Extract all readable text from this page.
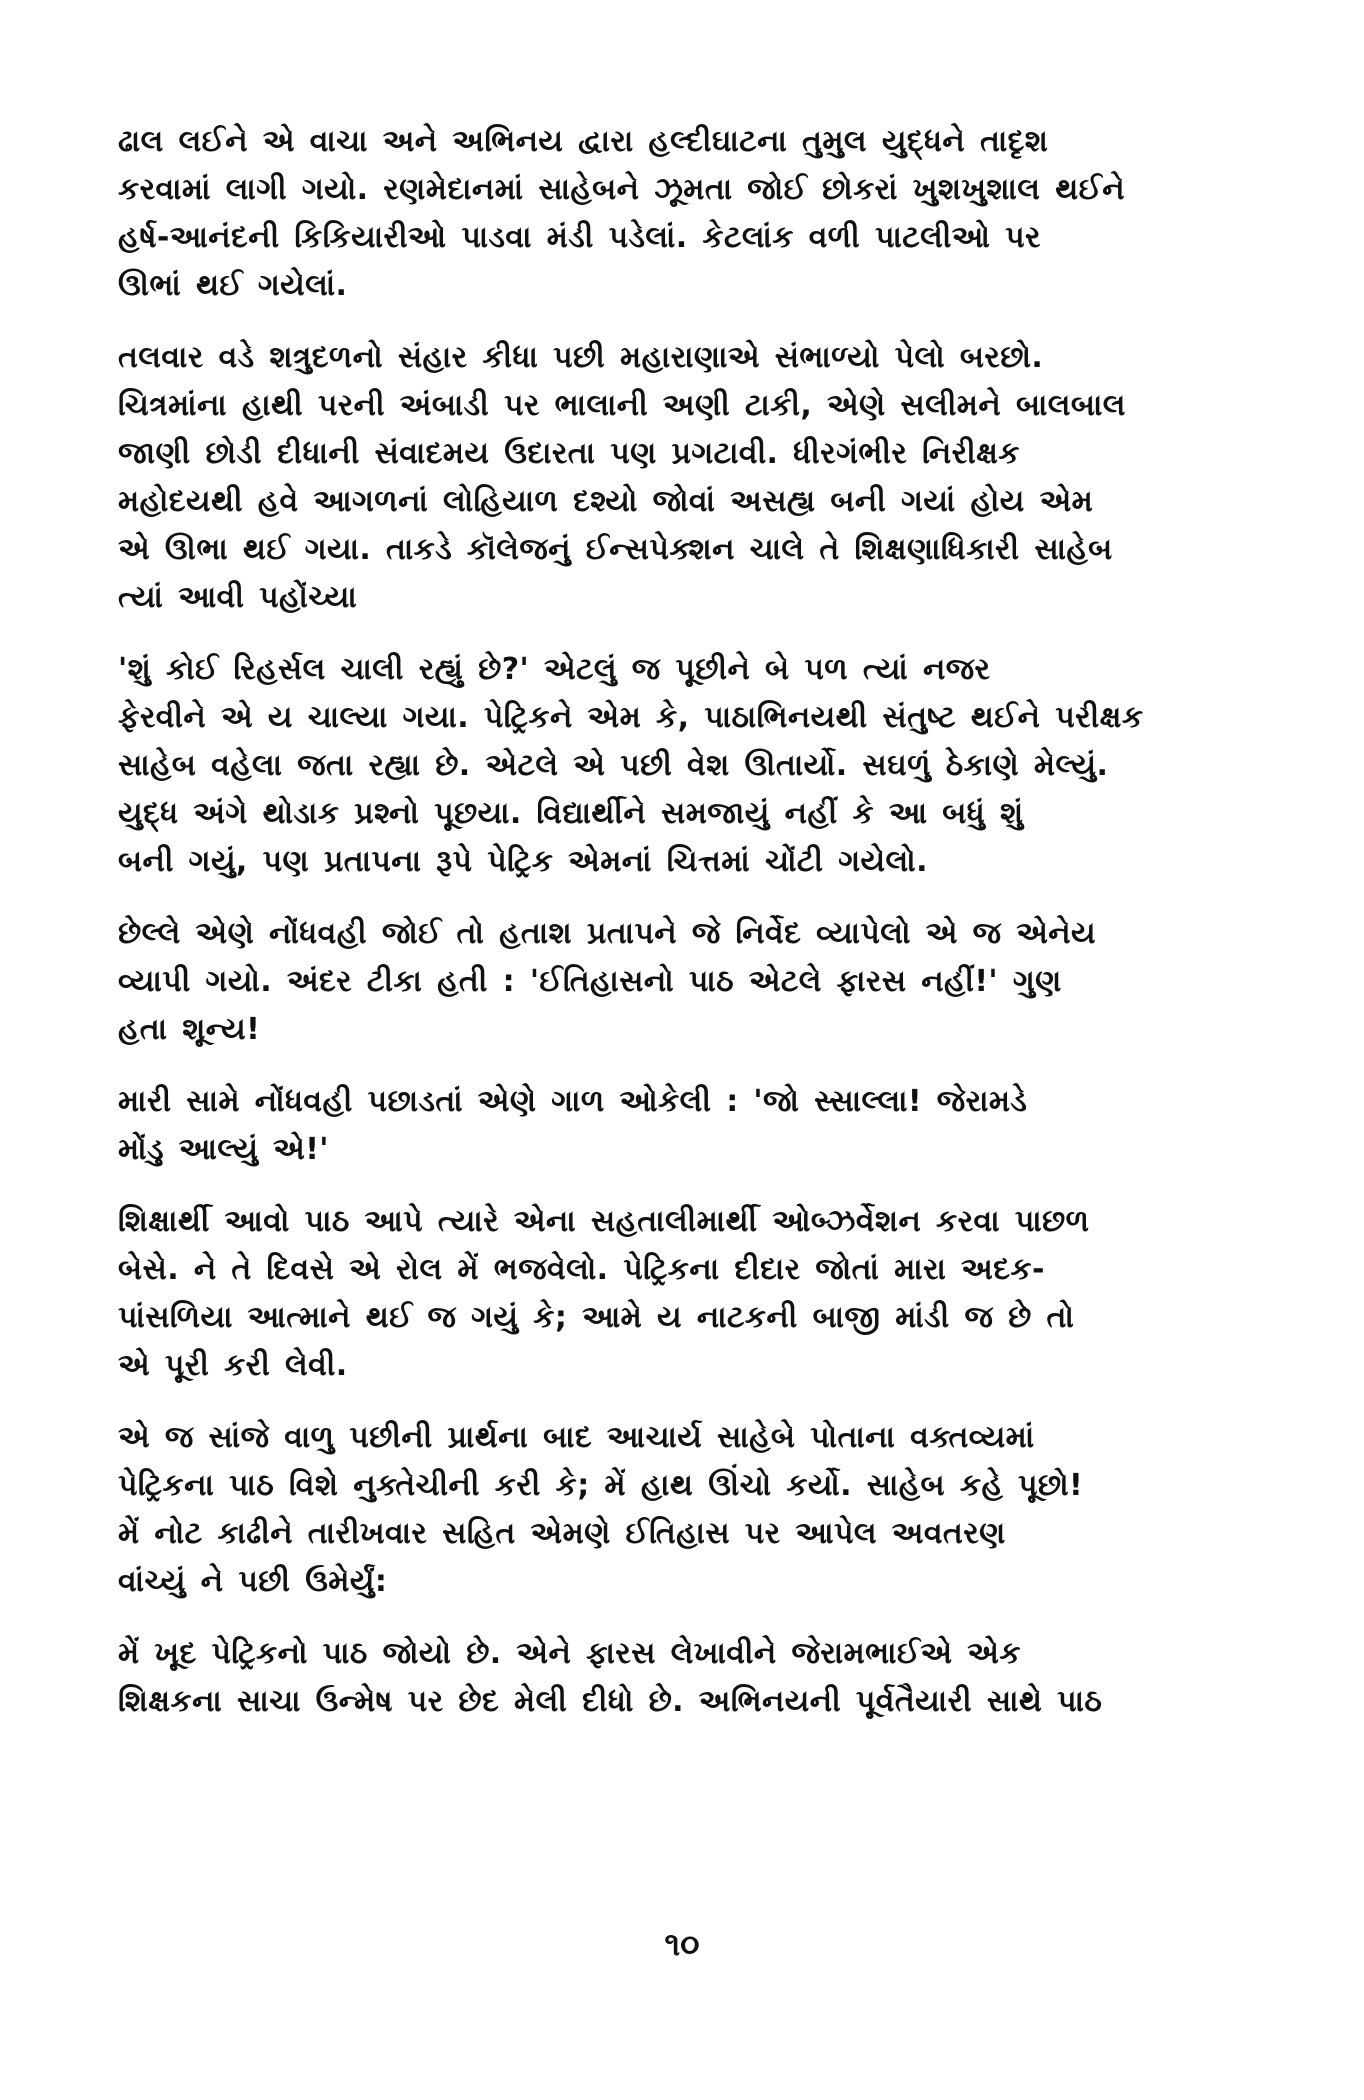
ઢાલ લઈને એ વાચા અને અભિનય દ્વારા હલ્દીઘાટના તુમુલ યુદ્ધને તાદૃશ
કરવામાં લાગી ગયો. રણમેદાનમાં સાહેબને ઝૂમતા જોઈ છોકરાં ખુશખુશાલ થઈને
હર્ષ-આનંદની કિકિયારીઓ પાડવા મંડી પડેલાં. કેટલાંક વળી પાટલીઓ પર
ઊભાં થઈ ગયેલાં.

તલવાર વડે શત્રુદળનો સંહાર કીધા પછી મહારાણાએ સંભાળ્યો પેલો બરછો.
ચિત્રમાંના હાથી પરની અંબાડી પર ભાલાની અણી ટાકી, એણે સલીમને બાલબાલ
જાણી છોડી દીધાની સંવાદમય ઉદારતા પણ પ્રગટાવી. ધીરગંભીર નિરીક્ષક
મહોદયથી હવે આગળનાં લોહિયાળ દશ્યો જોવાં અસહ્ય બની ગયાં હોય એમ
એ ઊભા થઈ ગયા. તાકડે કૉલેજનું ઈન્સપેક્શન ચાલે તે શિક્ષણાધિકારી સાહેબ
ત્યાં આવી પહોંચ્યા

'શું કોઈ રિહર્સલ ચાલી રહ્યું છે?' એટલું જ પૂછીને બે પળ ત્યાં નજર
ફેરવીને એ ય ચાલ્યા ગયા. પેટ્રિકને એમ કે, પાઠાભિનયથી સંતુષ્ટ થઈને પરીક્ષક
સાહેબ વહેલા જતા રહ્યા છે. એટલે એ પછી વેશ ઊતાર્યો. સઘળું ઠેકાણે મેલ્યું.
યુદ્ધ અંગે થોડાક પ્રશ્નો પૂછયા. વિદ્યાર્થીને સમજાયું નહીં કે આ બધું શું
બની ગયું, પણ પ્રતાપના રૂપે પેટ્રિક એમનાં ચિત્તમાં ચોંટી ગયેલો.

છેલ્લે એણે નોંધવહી જોઈ તો હતાશ પ્રતાપને જે નિર્વેદ વ્યાપેલો એ જ એનેય
વ્યાપી ગયો. અંદર ટીકા હતી : 'ઈતિહાસનો પાઠ એટલે ફારસ નહીં!' ગુણ
હતા શૂન્ય!

મારી સામે નોંધવહી પછાડતાં એણે ગાળ ઓકેલી : 'જો સ્સાલ્લા! જેરામડે
મોંડુ આલ્યું એ!'

શિક્ષાર્થી આવો પાઠ આપે ત્યારે એના સહતાલીમાર્થી ઓબ્ઝર્વેશન કરવા પાછળ
બેસે. ને તે દિવસે એ રોલ મેં ભજવેલો. પેટ્રિકના દીદાર જોતાં મારા અદક-
પાંસળિયા આત્માને થઈ જ ગયું કે; આમે ય નાટકની બાજી માંડી જ છે તો
એ પૂરી કરી લેવી.

એ જ સાંજે વાળુ પછીની પ્રાર્થના બાદ આચાર્ય સાહેબે પોતાના વક્તવ્યમાં
પેટ્રિકના પાઠ વિશે નુક્તેચીની કરી કે; મેં હાથ ઊંચો કર્યો. સાહેબ કહે પૂછો!
મેં નોટ કાઢીને તારીખવાર સહિત એમણે ઈતિહાસ પર આપેલ અવતરણ
વાંચ્યું ને પછી ઉમેર્યું:

મેં ખૂદ પેટ્રિકનો પાઠ જોયો છે. એને ફારસ લેખાવીને જેરામભાઈએ એક
શિક્ષકના સાચા ઉન્મેષ પર છેદ મેલી દીધો છે. અભિનયની પૂર્વતૈયારી સાથે પાઠ

૧૦
